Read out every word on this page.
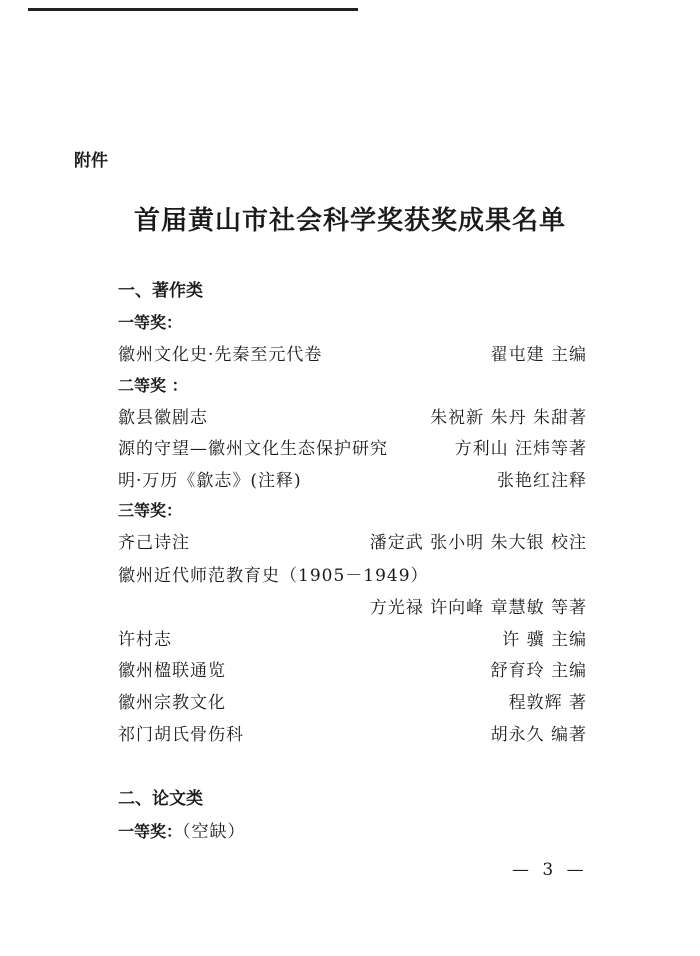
附件
首届黄山市社会科学奖获奖成果名单
一、著作类
一等奖：
徽州文化史·先秦至元代卷	翟屯建 主编
二等奖 ：
歙县徽剧志	朱祝新 朱丹 朱甜著
源的守望—徽州文化生态保护研究	方利山 汪炜等著
明·万历《歙志》(注释)	张艳红注释
三等奖：
齐己诗注	潘定武 张小明 朱大银 校注
徽州近代师范教育史（1905－1949）
方光禄 许向峰 章慧敏 等著
许村志	许 骥 主编
徽州楹联通览	舒育玲 主编
徽州宗教文化	程敦辉 著
祁门胡氏骨伤科	胡永久 编著
二、论文类
一等奖：（空缺）
— 3 —
